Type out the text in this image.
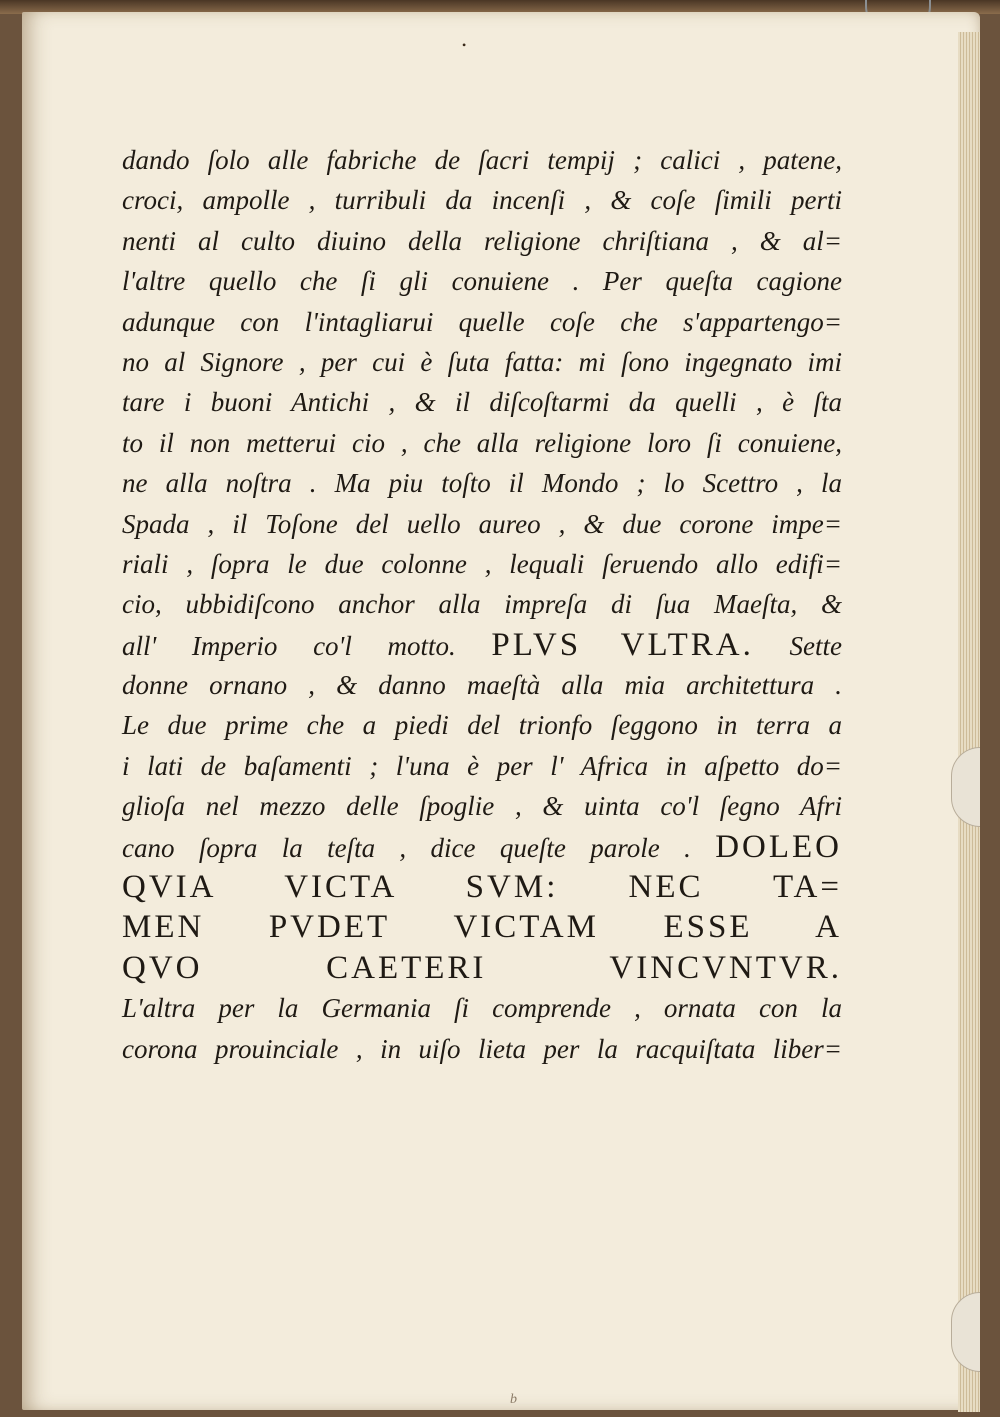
•
dando ſolo alle fabriche de ſacri tempij ; calici , patene,
croci, ampolle , turribuli da incenſi , & coſe ſimili perti
nenti al culto diuino della religione chriſtiana , & al=
l'altre quello che ſi gli conuiene . Per queſta cagione
adunque con l'intagliarui quelle coſe che s'appartengo=
no al Signore , per cui è ſuta fatta: mi ſono ingegnato imi
tare i buoni Antichi , & il diſcoſtarmi da quelli , è ſta
to il non metterui cio , che alla religione loro ſi conuiene,
ne alla noſtra . Ma piu toſto il Mondo ; lo Scettro , la
Spada , il Toſone del uello aureo , & due corone impe=
riali , ſopra le due colonne , lequali ſeruendo allo edifi=
cio, ubbidiſcono anchor alla impreſa di ſua Maeſta, &
all' Imperio co'l motto. PLVS VLTRA. Sette
donne ornano , & danno maeſtà alla mia architettura .
Le due prime che a piedi del trionfo ſeggono in terra a
i lati de baſamenti ; l'una è per l' Africa in aſpetto do=
glioſa nel mezzo delle ſpoglie , & uinta co'l ſegno Afri
cano ſopra la teſta , dice queſte parole . DOLEO
QVIA VICTA SVM: NEC TA=
MEN PVDET VICTAM ESSE A
QVO CAETERI VINCVNTVR.
L'altra per la Germania ſi comprende , ornata con la
corona prouinciale , in uiſo lieta per la racquiſtata liber=
b
